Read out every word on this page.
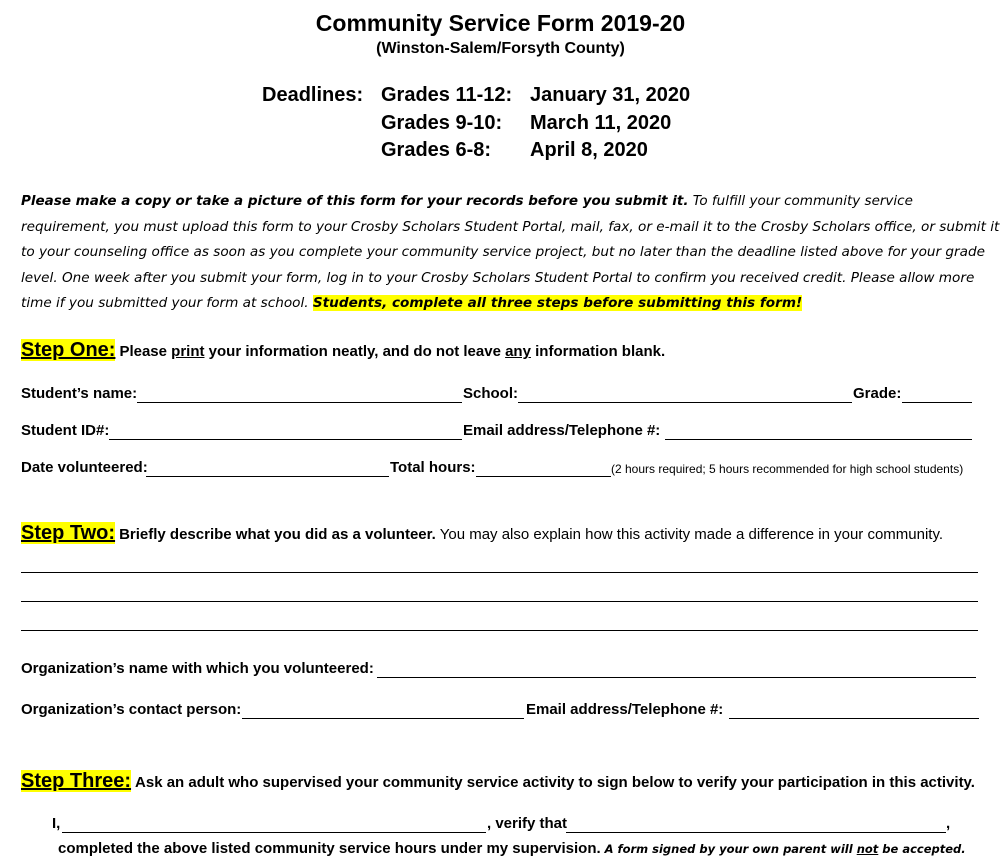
Community Service Form 2019-20
(Winston-Salem/Forsyth County)
Deadlines: Grades 11-12: January 31, 2020
Grades 9-10: March 11, 2020
Grades 6-8: April 8, 2020
Please make a copy or take a picture of this form for your records before you submit it. To fulfill your community service
requirement, you must upload this form to your Crosby Scholars Student Portal, mail, fax, or e-mail it to the Crosby Scholars office, or submit it
to your counseling office as soon as you complete your community service project, but no later than the deadline listed above for your grade
level. One week after you submit your form, log in to your Crosby Scholars Student Portal to confirm you received credit. Please allow more
time if you submitted your form at school. Students, complete all three steps before submitting this form!
Step One: Please print your information neatly, and do not leave any information blank.
Student’s name:	School:	Grade:
Student ID#:	Email address/Telephone #:
Date volunteered:	Total hours:	(2 hours required; 5 hours recommended for high school students)
Step Two: Briefly describe what you did as a volunteer. You may also explain how this activity made a difference in your community.
Organization’s name with which you volunteered:
Organization’s contact person:	Email address/Telephone #:
Step Three: Ask an adult who supervised your community service activity to sign below to verify your participation in this activity.
I,	, verify that	,
completed the above listed community service hours under my supervision. A form signed by your own parent will not be accepted.
